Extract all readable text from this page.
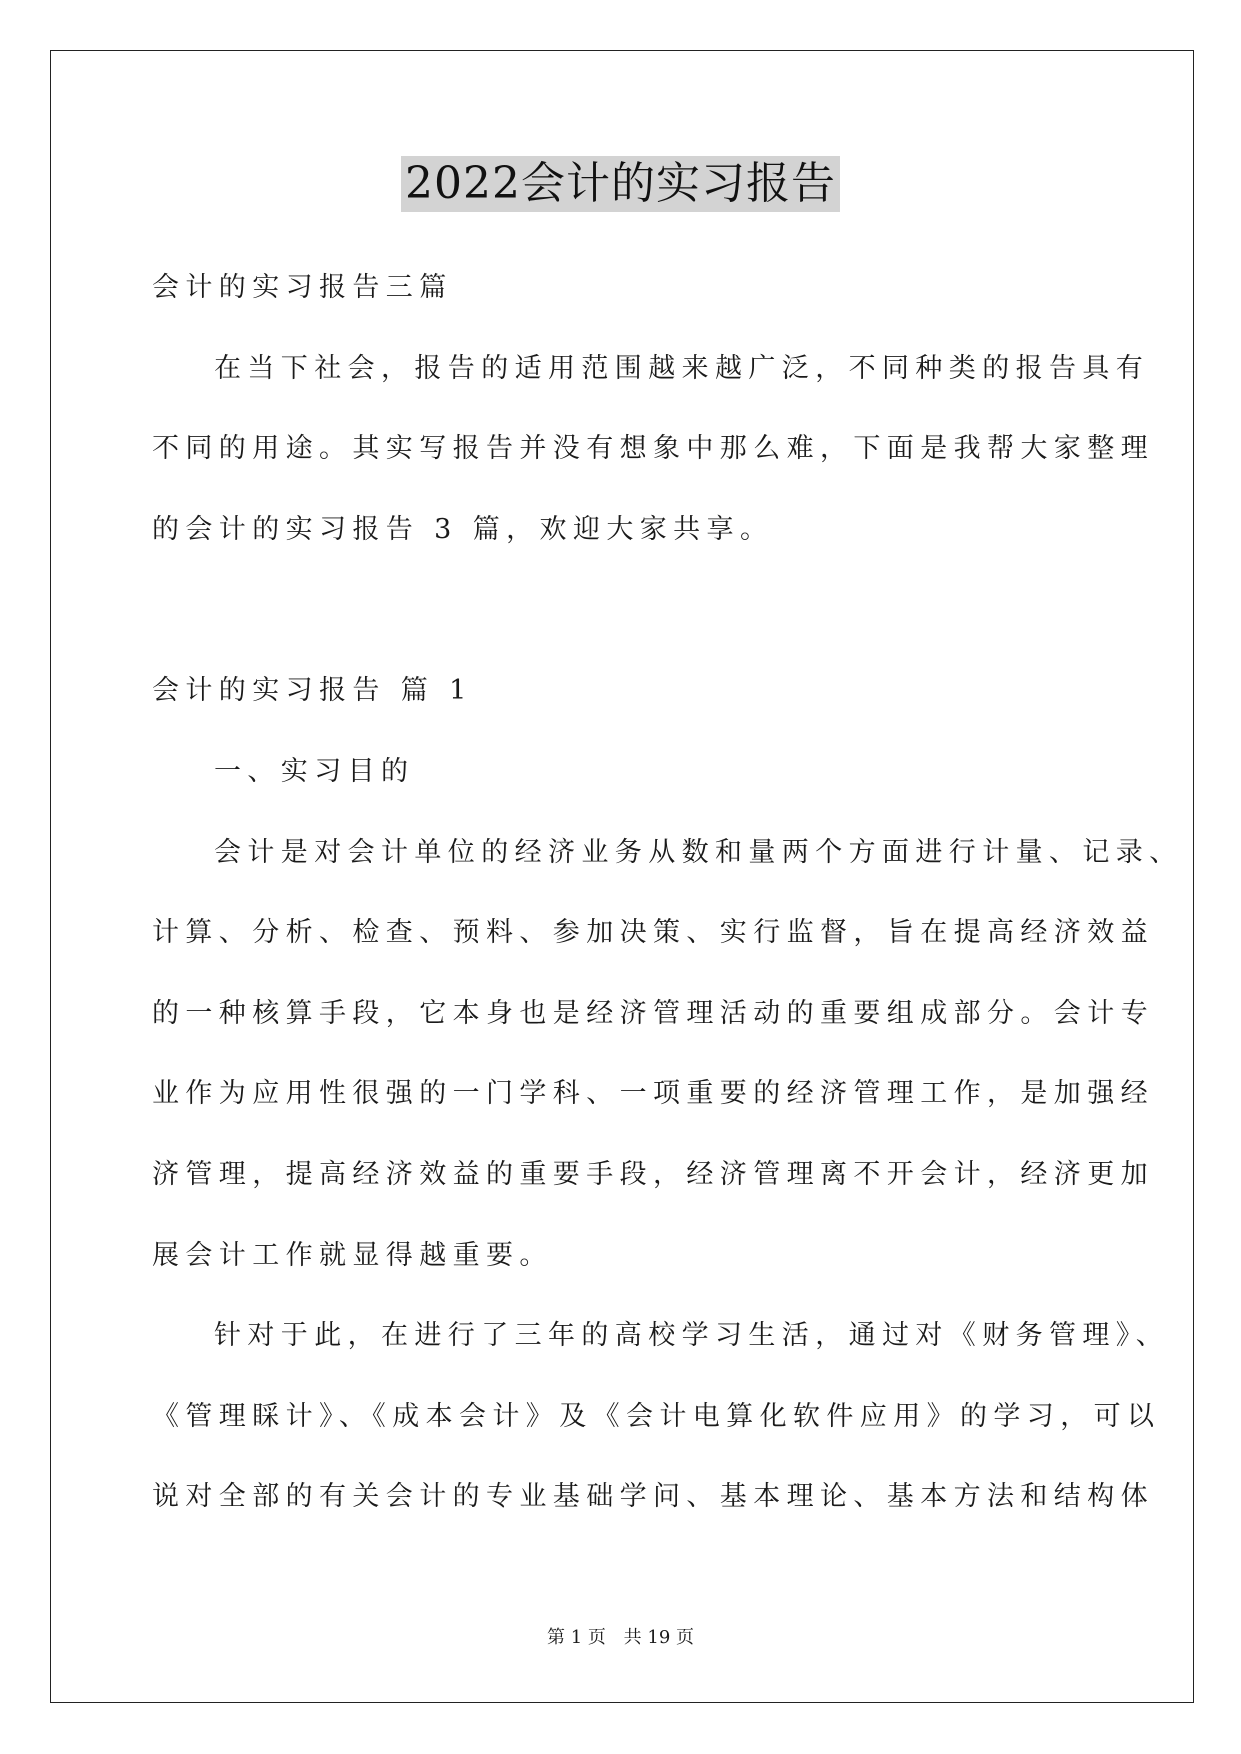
2022会计的实习报告
会计的实习报告三篇
在当下社会，报告的适用范围越来越广泛，不同种类的报告具有
不同的用途。其实写报告并没有想象中那么难，下面是我帮大家整理
的会计的实习报告 3 篇，欢迎大家共享。
会计的实习报告 篇 1
一、实习目的
会计是对会计单位的经济业务从数和量两个方面进行计量、记录、
计算、分析、检查、预料、参加决策、实行监督，旨在提高经济效益
的一种核算手段，它本身也是经济管理活动的重要组成部分。会计专
业作为应用性很强的一门学科、一项重要的经济管理工作，是加强经
济管理，提高经济效益的重要手段，经济管理离不开会计，经济更加
展会计工作就显得越重要。
针对于此，在进行了三年的高校学习生活，通过对《财务管理》、
《管理睬计》、《成本会计》及《会计电算化软件应用》的学习，可以
说对全部的有关会计的专业基础学问、基本理论、基本方法和结构体
第 1 页 共 19 页
